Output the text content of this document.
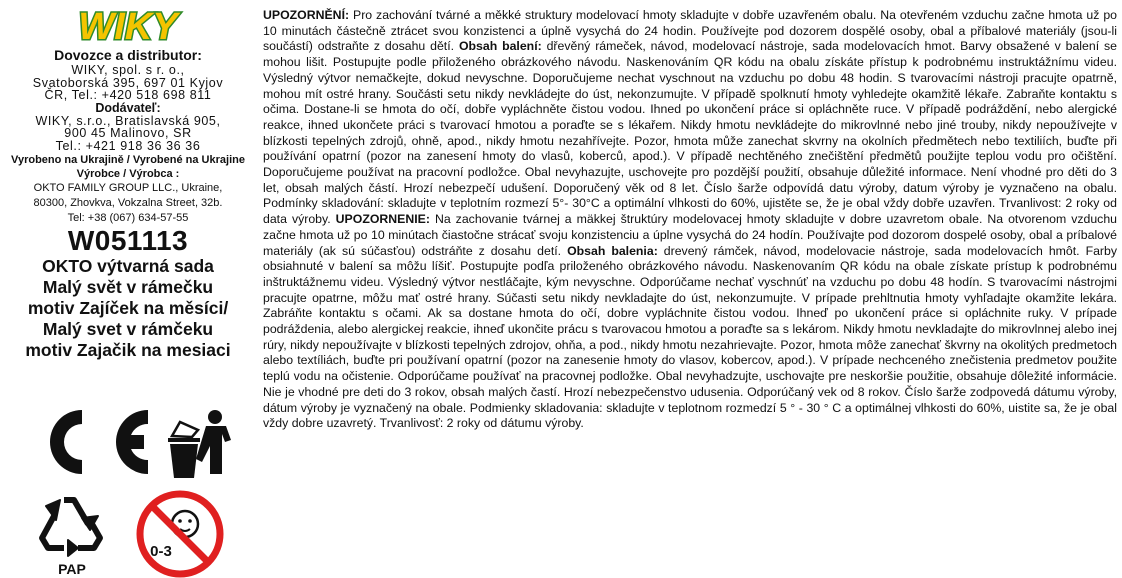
WIKY

Dovozce a distributor:

WIKY, spol. s r. o.,

Svatoborská 395, 697 01 Kyjov

ČR, Tel.: +420 518 698 811

Dodávateľ:

WIKY, s.r.o., Bratislavská 905,

900 45 Malinovo, SR

Tel.: +421 918 36 36 36

Vyrobeno na Ukrajině / Vyrobené na Ukrajine

Výrobce / Výrobca :

OKTO FAMILY GROUP LLC., Ukraine,

80300, Zhovkva, Vokzalna Street, 32b.

Tel: +38 (067) 634-57-55

W051113

OKTO výtvarná sada

Malý svět v rámečku

motiv Zajíček na měsíci/

Malý svet v rámčeku

motiv Zajačik na mesiaci

PAP
0-3

UPOZORNĚNÍ: Pro zachování tvárné a měkké struktury modelovací hmoty skladujte v dobře uzavřeném obalu. Na otevřeném vzduchu začne hmota už po 10 minutách částečně ztrácet svou konzistenci a úplně vysychá do 24 hodin. Používejte pod dozorem dospělé osoby, obal a příbalové materiály (jsou-li součástí) odstraňte z dosahu dětí. Obsah balení: dřevěný rámeček, návod, modelovací nástroje, sada modelovacích hmot. Barvy obsažené v balení se mohou lišit. Postupujte podle přiloženého obrázkového návodu. Naskenováním QR kódu na obalu získáte přístup k podrobnému instruktážnímu videu. Výsledný výtvor nemačkejte, dokud nevyschne. Doporučujeme nechat vyschnout na vzduchu po dobu 48 hodin. S tvarovacími nástroji pracujte opatrně, mohou mít ostré hrany. Součásti setu nikdy nevkládejte do úst, nekonzumujte. V případě spolknutí hmoty vyhledejte okamžitě lékaře. Zabraňte kontaktu s očima. Dostane-li se hmota do očí, dobře vypláchněte čistou vodou. Ihned po ukončení práce si opláchněte ruce. V případě podráždění, nebo alergické reakce, ihned ukončete práci s tvarovací hmotou a poraďte se s lékařem. Nikdy hmotu nevkládejte do mikrovlnné nebo jiné trouby, nikdy nepoužívejte v blízkosti tepelných zdrojů, ohně, apod., nikdy hmotu nezahřívejte. Pozor, hmota může zanechat skvrny na okolních předmětech nebo textiliích, buďte při používání opatrní (pozor na zanesení hmoty do vlasů, koberců, apod.). V případě nechtěného znečištění předmětů použijte teplou vodu pro očištění. Doporučujeme používat na pracovní podložce. Obal nevyhazujte, uschovejte pro pozdější použití, obsahuje důležité informace. Není vhodné pro děti do 3 let, obsah malých částí. Hrozí nebezpečí udušení. Doporučený věk od 8 let. Číslo šarže odpovídá datu výroby, datum výroby je vyznačeno na obalu. Podmínky skladování: skladujte v teplotním rozmezí 5°- 30°C a optimální vlhkosti do 60%, ujistěte se, že je obal vždy dobře uzavřen. Trvanlivost: 2 roky od data výroby. UPOZORNENIE: Na zachovanie tvárnej a mäkkej štruktúry modelovacej hmoty skladujte v dobre uzavretom obale. Na otvorenom vzduchu začne hmota už po 10 minútach čiastočne strácať svoju konzistenciu a úplne vysychá do 24 hodín. Používajte pod dozorom dospelé osoby, obal a príbalové materiály (ak sú súčasťou) odstráňte z dosahu detí. Obsah balenia: drevený rámček, návod, modelovacie nástroje, sada modelovacích hmôt. Farby obsiahnuté v balení sa môžu líšiť. Postupujte podľa priloženého obrázkového návodu. Naskenovaním QR kódu na obale získate prístup k podrobnému inštruktážnemu videu. Výsledný výtvor nestláčajte, kým nevyschne. Odporúčame nechať vyschnúť na vzduchu po dobu 48 hodín. S tvarovacími nástrojmi pracujte opatrne, môžu mať ostré hrany. Súčasti setu nikdy nevkladajte do úst, nekonzumujte. V prípade prehltnutia hmoty vyhľadajte okamžite lekára. Zabráňte kontaktu s očami. Ak sa dostane hmota do očí, dobre vypláchnite čistou vodou. Ihneď po ukončení práce si opláchnite ruky. V prípade podráždenia, alebo alergickej reakcie, ihneď ukončite prácu s tvarovacou hmotou a poraďte sa s lekárom. Nikdy hmotu nevkladajte do mikrovlnnej alebo inej rúry, nikdy nepoužívajte v blízkosti tepelných zdrojov, ohňa, a pod., nikdy hmotu nezahrievajte. Pozor, hmota môže zanechať škvrny na okolitých predmetoch alebo textíliách, buďte pri používaní opatrní (pozor na zanesenie hmoty do vlasov, kobercov, apod.). V prípade nechceného znečistenia predmetov použite teplú vodu na očistenie. Odporúčame používať na pracovnej podložke. Obal nevyhadzujte, uschovajte pre neskoršie použitie, obsahuje dôležité informácie. Nie je vhodné pre deti do 3 rokov, obsah malých častí. Hrozí nebezpečenstvo udusenia. Odporúčaný vek od 8 rokov. Číslo šarže zodpovedá dátumu výroby, dátum výroby je vyznačený na obale. Podmienky skladovania: skladujte v teplotnom rozmedzí 5 ° - 30 ° C a optimálnej vlhkosti do 60%, uistite sa, že je obal vždy dobre uzavretý. Trvanlivosť: 2 roky od dátumu výroby.
